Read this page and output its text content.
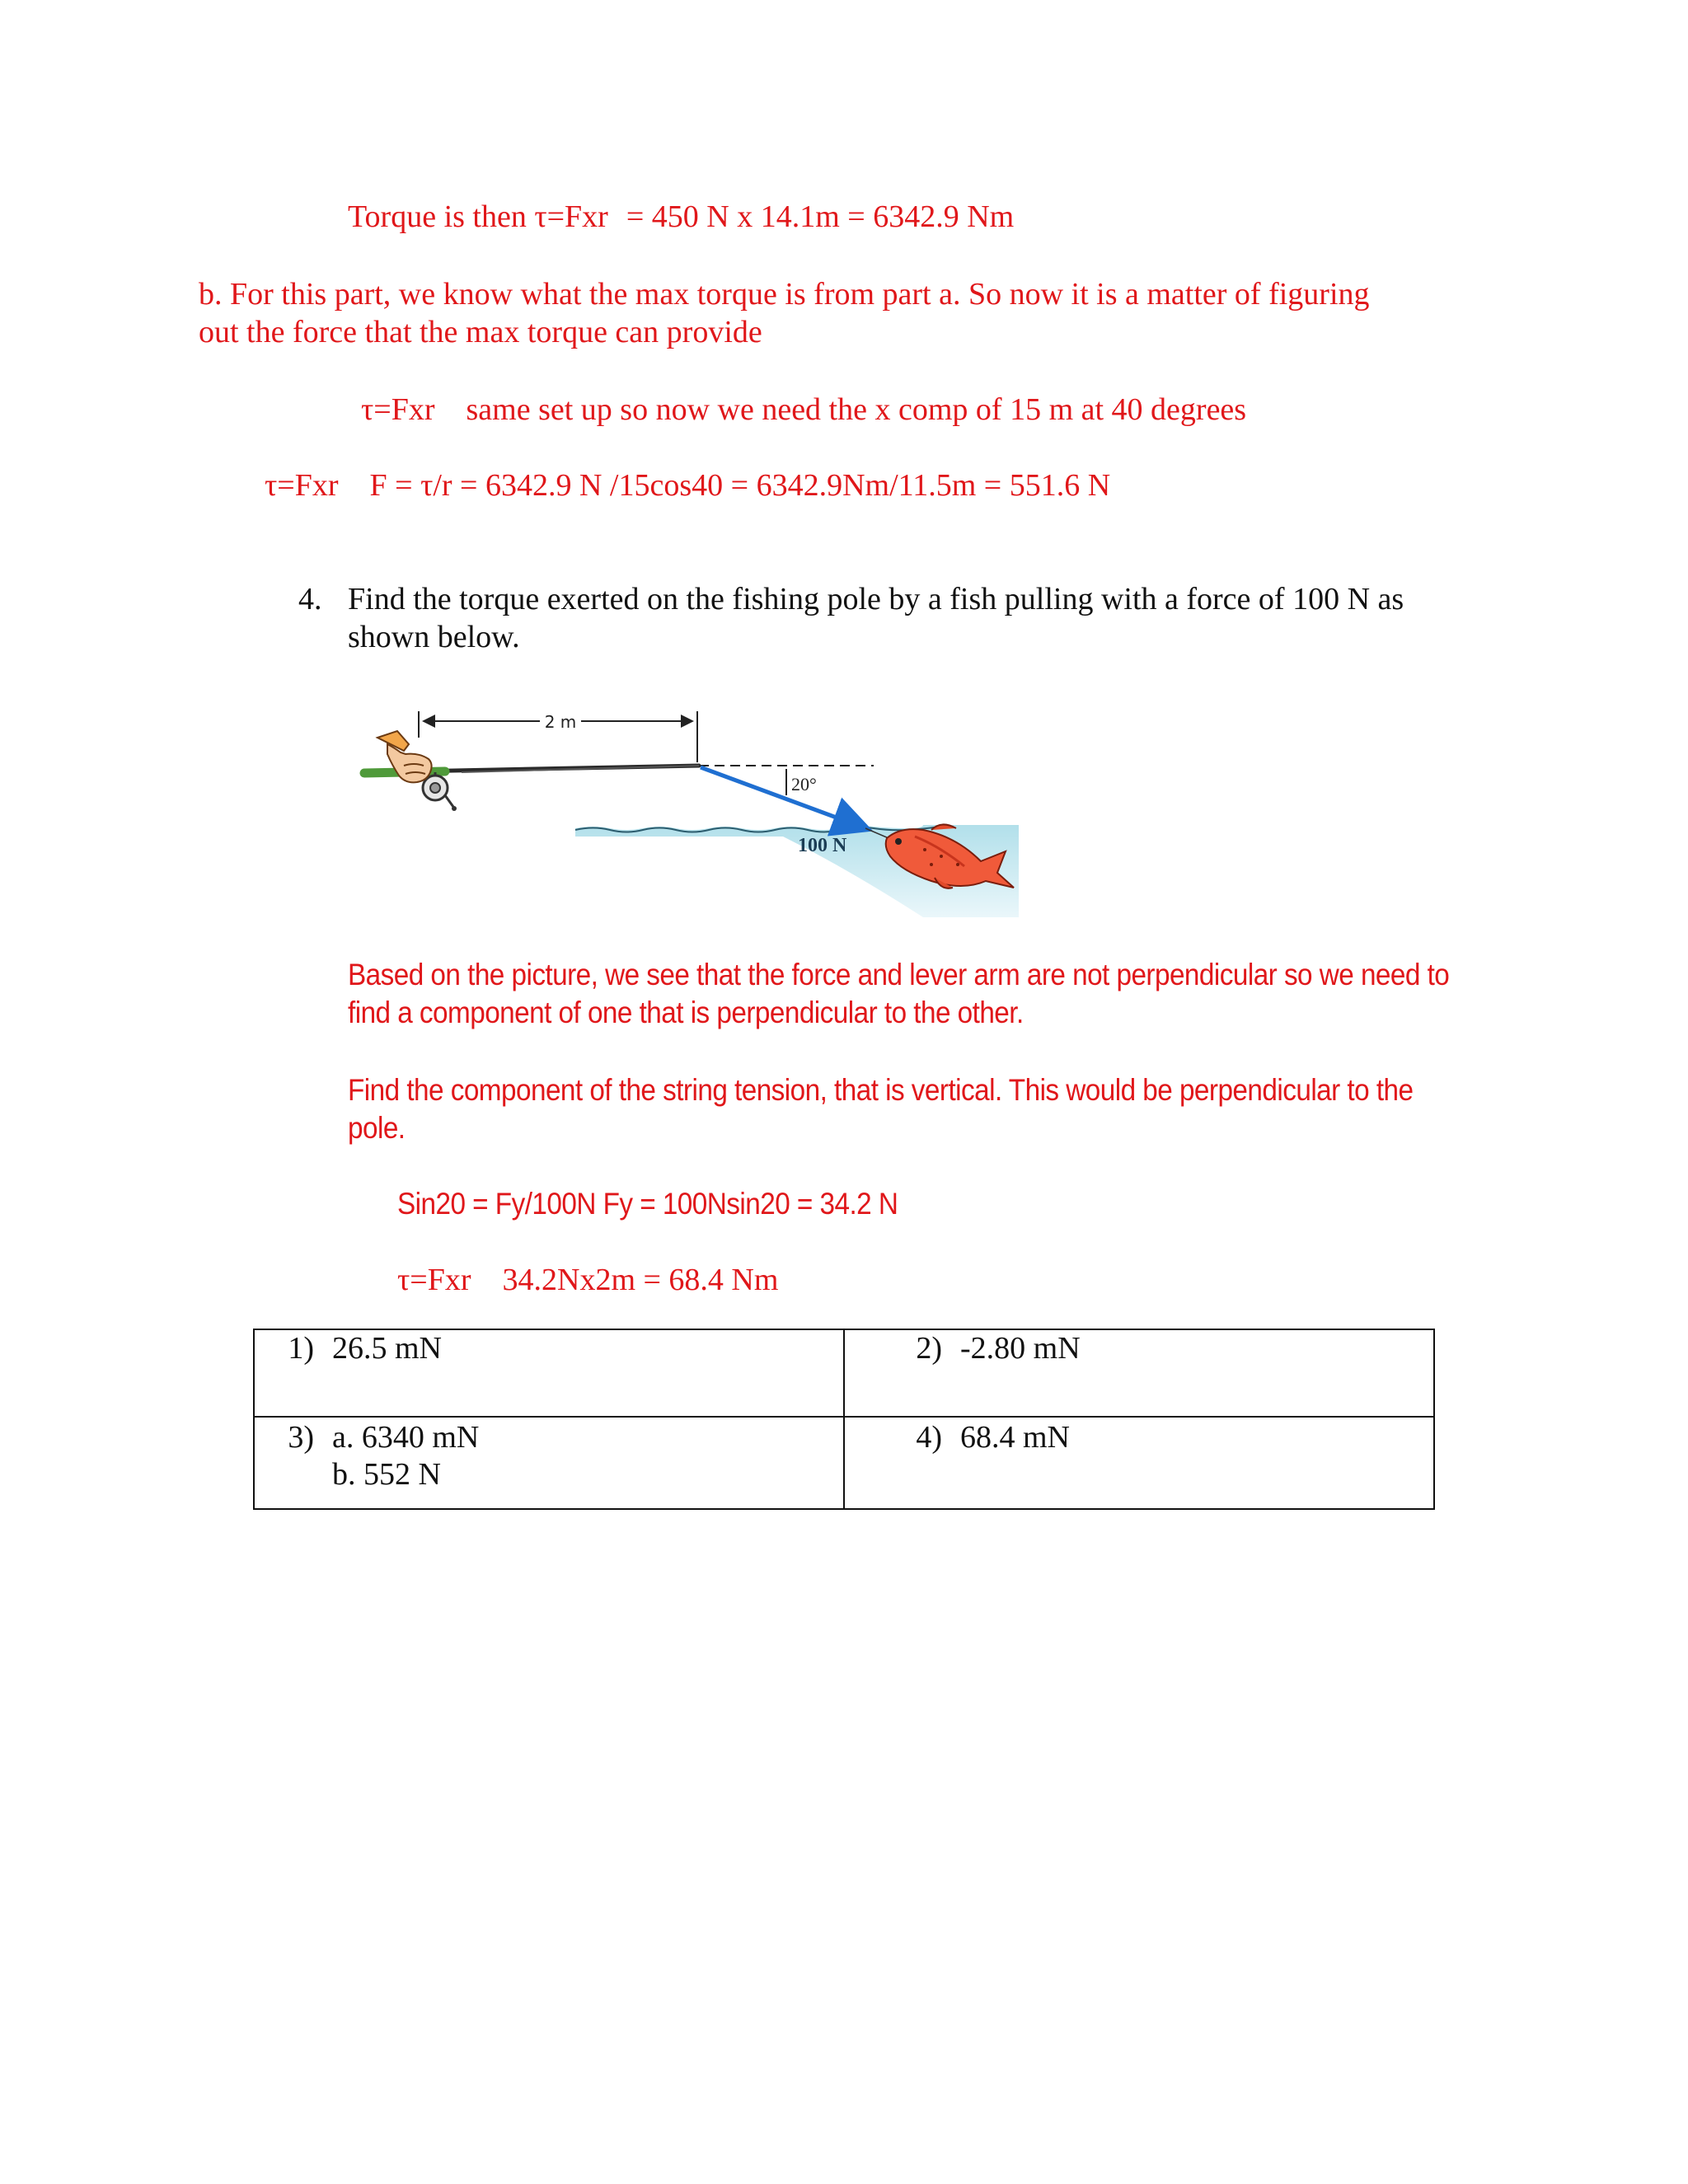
Torque is then τ=Fxr = 450 N x 14.1m = 6342.9 Nm

b. For this part, we know what the max torque is from part a. So now it is a matter of figuring

out the force that the max torque can provide

τ=Fxr same set up so now we need the x comp of 15 m at 40 degrees

τ=Fxr F = τ/r = 6342.9 N /15cos40 = 6342.9Nm/11.5m = 551.6 N

4. Find the torque exerted on the fishing pole by a fish pulling with a force of 100 N as

shown below.

2 m
20°
100 N

Based on the picture, we see that the force and lever arm are not perpendicular so we need to

find a component of one that is perpendicular to the other.

Find the component of the string tension, that is vertical. This would be perpendicular to the

pole.

Sin20 = Fy/100N Fy = 100Nsin20 = 34.2 N

τ=Fxr 34.2Nx2m = 68.4 Nm

1) 26.5 mN	2) -2.80 mN

3) a. 6340 mN
b. 552 N	4) 68.4 mN
